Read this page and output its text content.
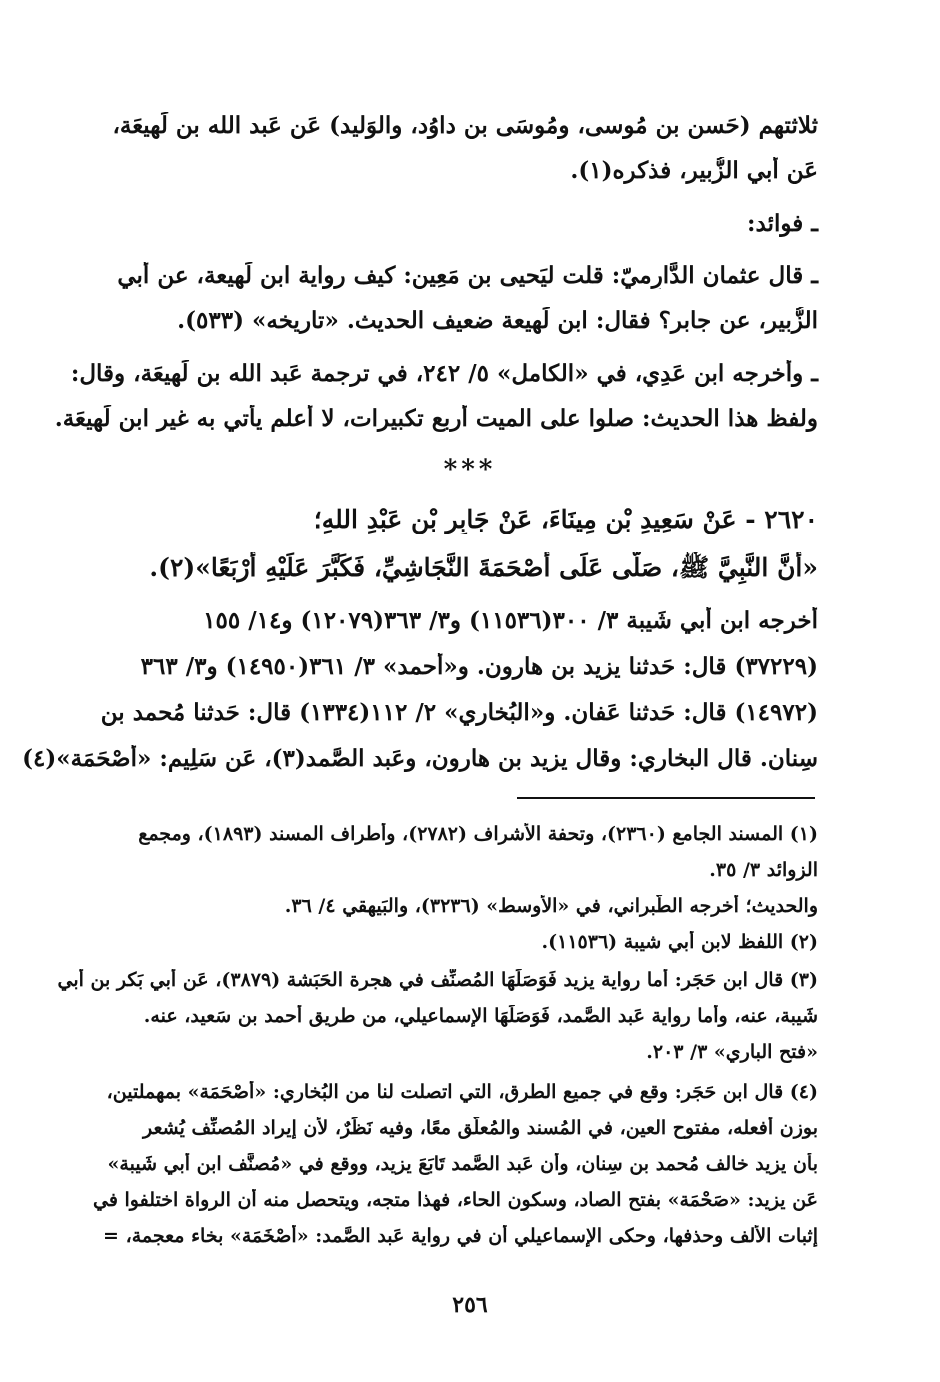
ثلاثتهم (حَسن بن مُوسى، ومُوسَى بن داوُد، والوَليد) عَن عَبد الله بن لَهِيعَة،

عَن أَبي الزُّبير، فذكره(١).

ـ فوائد:

ـ قال عثمان الدَّارِميّ: قلت ليَحيى بن مَعِين: كيف رواية ابن لَهِيعة، عن أَبي

الزُّبير، عن جابر؟ فقال: ابن لَهِيعة ضعيف الحديث. «تاريخه» (٥٣٣).

ـ وأخرجه ابن عَدِي، في «الكامل» ٥/ ٢٤٢، في ترجمة عَبد الله بن لَهِيعَة، وقال:

ولفظ هذا الحديث: صلوا على الميت أَربع تكبيرات، لا أَعلم يأتي به غير ابن لَهِيعَة.

***

٢٦٢٠ - عَنْ سَعِيدِ بْنِ مِينَاءَ، عَنْ جَابِرِ بْنِ عَبْدِ اللهِ؛

«أَنَّ النَّبِيَّ ﷺ، صَلَّى عَلَى أَصْحَمَةَ النَّجَاشِيِّ، فَكَبَّرَ عَلَيْهِ أَرْبَعًا»(٢).

أخرجه ابن أَبي شَيبة ٣/ ٣٠٠(١١٥٣٦) و٣/ ٣٦٣(١٢٠٧٩) و١٤/ ١٥٥

(٣٧٢٢٩) قال: حَدثنا يزيد بن هارون. و«أَحمد» ٣/ ٣٦١(١٤٩٥٠) و٣/ ٣٦٣

(١٤٩٧٢) قال: حَدثنا عَفان. و«البُخاري» ٢/ ١١٢(١٣٣٤) قال: حَدثنا مُحمد بن

سِنان. قال البخاري: وقال يزيد بن هارون، وعَبد الصَّمد(٣)، عَن سَلِيم: «أَصْحَمَة»(٤)

(١) المسند الجامع (٢٣٦٠)، وتحفة الأشراف (٢٧٨٢)، وأَطراف المسند (١٨٩٣)، ومجمع

الزوائد ٣/ ٣٥.

والحديث؛ أَخرجه الطَّبراني، في «الأوسط» (٣٢٣٦)، والبَيهقي ٤/ ٣٦.

(٢) اللفظ لابن أَبي شيبة (١١٥٣٦).

(٣) قال ابن حَجَر: أَما رواية يزيد فَوَصَلَهَا المُصنِّف في هجرة الحَبَشة (٣٨٧٩)، عَن أَبي بَكر بن أَبي

شَيبة، عنه، وأما رواية عَبد الصَّمد، فَوَصَلَهَا الإِسماعيلي، من طريق أَحمد بن سَعيد، عنه.

«فتح الباري» ٣/ ٢٠٣.

(٤) قال ابن حَجَر: وقع في جميع الطرق، التي اتصلت لنا من البُخاري: «أَصْحَمَة» بمهملتين،

بوزن أَفعله، مفتوح العين، في المُسند والمُعلَّق معًا، وفيه نَظَرٌ، لأن إيراد المُصنِّف يُشعر

بأن يزيد خالف مُحمد بن سِنان، وأن عَبد الصَّمد تَابَعَ يزيد، ووقع في «مُصنَّف ابن أَبي شَيبة»

عَن يزيد: «صَحْمَة» بفتح الصاد، وسكون الحاء، فهذا متجه، ويتحصل منه أن الرواة اختلفوا في

إثبات الألف وحذفها، وحكى الإِسماعيلي أن في رواية عَبد الصَّمد: «أَصْخَمَة» بخاء معجمة، =

٢٥٦
